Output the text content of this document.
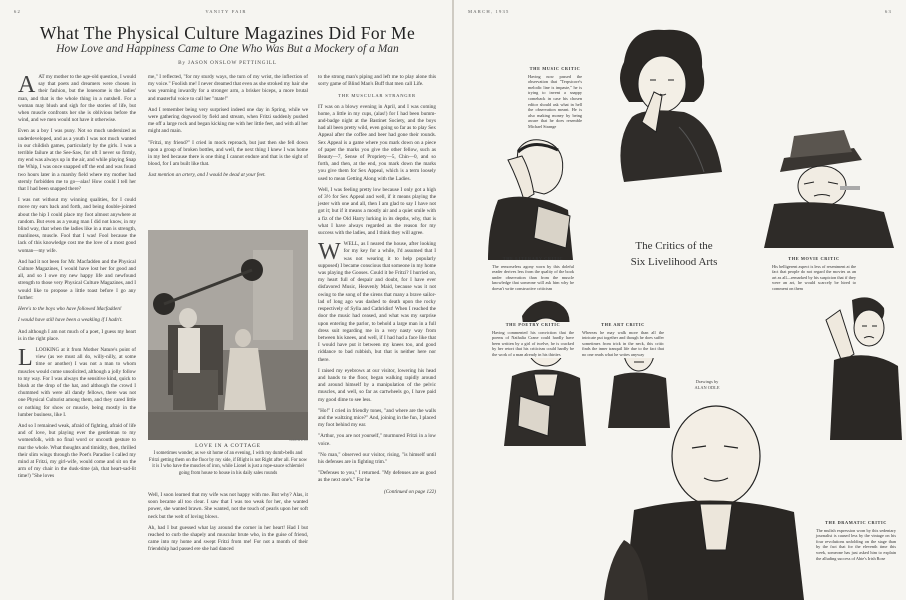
62	VANITY FAIR
What The Physical Culture Magazines Did For Me
How Love and Happiness Came to One Who Was But a Mockery of a Man
By JASON ONSLOW PETTINGILL

AAT my mother to the age-old question, I would say that poets and dreamers were chosen in their fashion, but the lonesome is the ladies' man, and that is the whole thing in a nutshell. For a woman may blush and sigh for the stories of life, but when muscle confronts her she is oblivious before the wind, and we men would not have it otherwise.

Even as a boy I was puny. Not so much undersized as underdeveloped, and as a youth I was not much wanted in our childish games, particularly by the girls. I was a terrible failure at the See-Saw, for oft I never so firmly, my end was always up in the air, and while playing Snap the Whip, I was once snapped off the end and was found two hours later in a marshy field where my mother had sternly forbidden me to go—alas! How could I tell her that I had been snapped there?

I was not without my winning qualities, for I could move my ears back and forth, and being double-jointed about the hip I could place my foot almost anywhere at random. But even as a young man I did not know, in my blind way, that when the ladies like in a man is strength, manliness, muscle. Fool that I was! Fool because the lack of this knowledge cost me the love of a most good woman—my wife.

And had it not been for Mr. Macfadden and the Physical Culture Magazines, I would have lost her for good and all, and so I owe my new happy life and newfound strength to those very Physical Culture Magazines, and I would like to propose a little toast before I go any further:

Here's to the boys who have followed Macfadden!

I would have still have been a weakling if I hadn't.

And although I am not much of a poet, I guess my heart is in the right place.

LLOOKING at it from Mother Nature's point of view (as we must all do, willy-nilly, at some time or another) I was not a man to whom muscles would come unsolicited, although a jolly follow to my way. For I was always the sensitive kind, quick to blush at the drop of the hat, and although the crowd I chummed with were all dandy fellows, there was not one Physical Culturist among them, and they cared little or nothing for show or muscle, being mostly in the lumber business, like I.

And so I remained weak, afraid of fighting, afraid of life and of love, but playing ever the gentleman to my womenfolk, with no final word or uncouth gesture to mar the whole. What thoughts and timidity, then, thrilled their slim wings through the Poet's Paradise I called my mind at Fritzi, my girl-wife, would come and sit on the arm of my chair in the dusk-time (ah, that heart-sad-lit time!) "She loves

me," I reflected, "for my sturdy ways, the turn of my wrist, the inflection of my voice." Foolish me! I never dreamed that even as she stroked my hair she was yearning inwardly for a stronger arm, a brisker biceps, a more brutal and masterful voice to call her "mate!"

And I remember being very surprised indeed one day in Spring, while we were gathering dogwood by field and stream, when Fritzi suddenly pushed me off a large rock and began kicking me with her little feet, and with all her might and main.

"Fritzi, my friend?" I cried in mock reproach, but just then she fell down upon a group of broken bottles, and well, the next thing I knew I was home in my bed because there is one thing I cannot endure and that is the sight of blood, for I am built like that.

Just mention an artery, and I would be dead at your feet.

GAUGUIN
LOVE IN A COTTAGE
I sometimes wonder, as we sit home of an evening, I with my dumb-bells and Fritzi getting them on the floor by my side, if Blight is not Right after all. For now it is I who have the muscles of iron, while Lionel is just a rope-sauce schlemiel going from house to house in his daily sales rounds

Well, I soon learned that my wife was not happy with me. But why? Alas, it soon became all too clear. I saw that I was too weak for her, she wanted power, she wanted brawn. She wanted, not the touch of pearls upon her soft neck but the welt of loving blows.

Ah, had I but guessed what lay around the corner in her heart! Had I but reached to curb the shapely and muscular brute who, in the guise of friend, came into my home and swept Fritzi from me! For not a month of their friendship had passed ere she had danced

to the strong man's piping and left me to play alone this sorry game of Blind Man's Buff that men call Life.

THE MUSCULAR STRANGER

IT was on a blowy evening in April, and I was coming home, a little in my cups, (alas!) for I had been bumm-and-badge night at the Bastinet Society, and the boys had all been pretty wild, even going so far as to play Sex Appeal after the coffee and beer had gone their rounds. Sex Appeal is a game where you mark down on a piece of paper the marks you give the other fellow, such as Beauty—7, Sense of Propriety—5, Chin—0, and so forth, and then, at the end, you mark down the marks you give them for Sex Appeal, which is a term loosely used to mean Getting Along with the Ladies.

Well, I was feeling pretty low because I only got a high of 3½ for Sex Appeal and well, if it means playing the jester with one and all, then I am glad to say I have not got it; but if it means a mostly air and a quiet smile with a fiz of the Old Harry lurking in its depths, why, that is what I have always regarded as the reason for my success with the ladies, and I think they will agree.

WWELL, as I neared the house, after looking for my key for a while, I'd assumed that I was not wearing it to help popularly supposed) I became conscious that someone in my home was playing the Gooses. Could it be Fritzi? I hurried on, my heart full of despair and doubt, for I have ever disfavored Music, Heavenly Maid, because was it not owing to the song of the sirens that many a brave sailor-lad of long ago was dashed to death upon the rocky respectively of Sylla and Cathridist! When I reached the door the music had ceased, and what was my surprise upon entering the parlor, to behold a large man in a full dress suit regarding me in a very nasty way from between his knees, and well, if I had had a face like that I would have put it between my knees too, and good riddance to bad rubbish, but that is neither here nor there.

I raised my eyebrows at our visitor, lowering his head and hands to the floor, began walking rapidly around and around himself by a manipulation of the pelvic muscles, and well, so far as cartwheels go, I have paid my good dime to see less.

"Ho!" I cried in friendly tones, "and where are the walls and the waltzing mice?" And, joining in the fun, I placed my foot behind my ear.

"Arthur, you are not yourself," murmured Fritzi in a low voice.

"No man," observed our visitor, rising, "is himself until his defenses are in fighting trim."

"Defenses to you," I returned. "My defenses are as good as the next one's." For he

(Continued on page 122)

MARCH, 1935	63
THE MUSIC CRITIC
Having now passed the observation that "Terpsicore's melodic line is impaste," he is trying to invent a snappy comeback in case his chosen editor should ask what in hell the observation meant. He is also making money by being aware that he does resemble Michael Strange
The Critics of the
Six Livelihood Arts
THE LITERARY CRITIC
The remorseless agony worn by this doleful reader derives less from the quality of the book under observation than from the muscle knowledge that someone will ask him why he doesn't write constructive criticism
THE MOVIE CRITIC
His belligerent aspect is less of resentment at the fact that people do not regard the movies as an art as all—remarked by his suspicion that if they were an art, he would scarcely be hired to comment on them
THE POETRY CRITIC
Having commented his conviction that the poems of Nathalia Crane could hardly have been written by a girl of twelve, he is cracked by her retort that his criticism could hardly be the work of a man already in his thirties
THE ART CRITIC
Whereas he may walk more than all the intricate put together and though he does suffer sometimes from trick in the neck, this critic finds the inner tranquil life due to the fact that no one reads what he writes anyway
Drawings by
ALAN ODLE
THE DRAMATIC CRITIC
The mulish expression worn by this sedentary journalist is caused less by the vintage on his four revolutions unfolding on the stage than by the fact that for the eleventh time this week, someone has just asked him to explain the alluding success of Abie's Irish Rose
